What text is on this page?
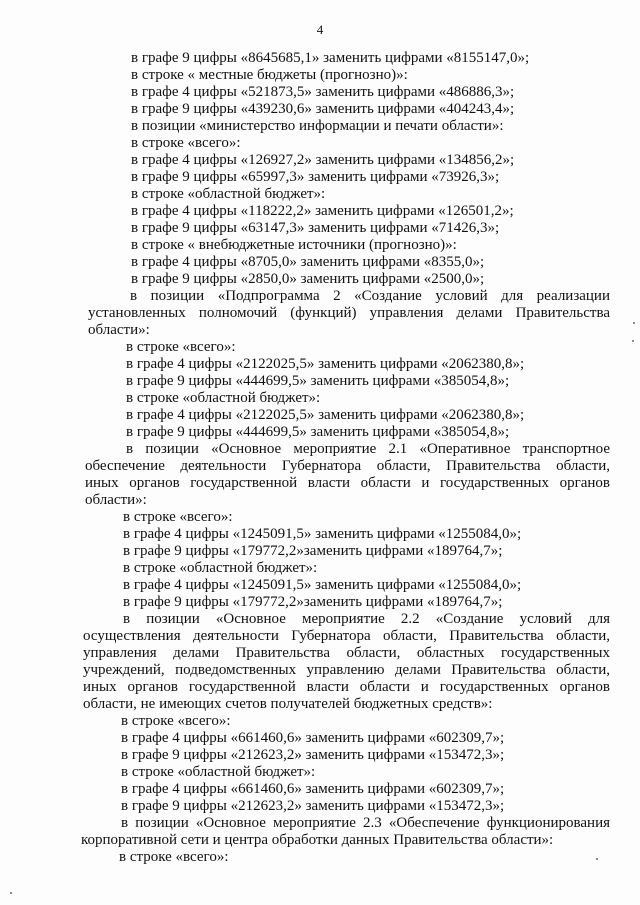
4
в графе 9 цифры «8645685,1» заменить цифрами «8155147,0»;
в строке « местные бюджеты (прогнозно)»:
в графе 4 цифры «521873,5» заменить цифрами «486886,3»;
в графе 9 цифры «439230,6» заменить цифрами «404243,4»;
в позиции «министерство информации и печати области»:
в строке «всего»:
в графе 4 цифры «126927,2» заменить цифрами «134856,2»;
в графе 9 цифры «65997,3» заменить цифрами «73926,3»;
в строке «областной бюджет»:
в графе 4 цифры «118222,2» заменить цифрами «126501,2»;
в графе 9 цифры «63147,3» заменить цифрами «71426,3»;
в строке « внебюджетные источники (прогнозно)»:
в графе 4 цифры «8705,0» заменить цифрами «8355,0»;
в графе 9 цифры «2850,0» заменить цифрами «2500,0»;
в позиции «Подпрограмма 2 «Создание условий для реализации
установленных полномочий (функций) управления делами Правительства
области»:
в строке «всего»:
в графе 4 цифры «2122025,5» заменить цифрами «2062380,8»;
в графе 9 цифры «444699,5» заменить цифрами «385054,8»;
в строке «областной бюджет»:
в графе 4 цифры «2122025,5» заменить цифрами «2062380,8»;
в графе 9 цифры «444699,5» заменить цифрами «385054,8»;
в позиции «Основное мероприятие 2.1 «Оперативное транспортное
обеспечение деятельности Губернатора области, Правительства области,
иных органов государственной власти области и государственных органов
области»:
в строке «всего»:
в графе 4 цифры «1245091,5» заменить цифрами «1255084,0»;
в графе 9 цифры «179772,2»заменить цифрами «189764,7»;
в строке «областной бюджет»:
в графе 4 цифры «1245091,5» заменить цифрами «1255084,0»;
в графе 9 цифры «179772,2»заменить цифрами «189764,7»;
в позиции «Основное мероприятие 2.2 «Создание условий для
осуществления деятельности Губернатора области, Правительства области,
управления делами Правительства области, областных государственных
учреждений, подведомственных управлению делами Правительства области,
иных органов государственной власти области и государственных органов
области, не имеющих счетов получателей бюджетных средств»:
в строке «всего»:
в графе 4 цифры «661460,6» заменить цифрами «602309,7»;
в графе 9 цифры «212623,2» заменить цифрами «153472,3»;
в строке «областной бюджет»:
в графе 4 цифры «661460,6» заменить цифрами «602309,7»;
в графе 9 цифры «212623,2» заменить цифрами «153472,3»;
в позиции «Основное мероприятие 2.3 «Обеспечение функционирования
корпоративной сети и центра обработки данных Правительства области»:
в строке «всего»:
